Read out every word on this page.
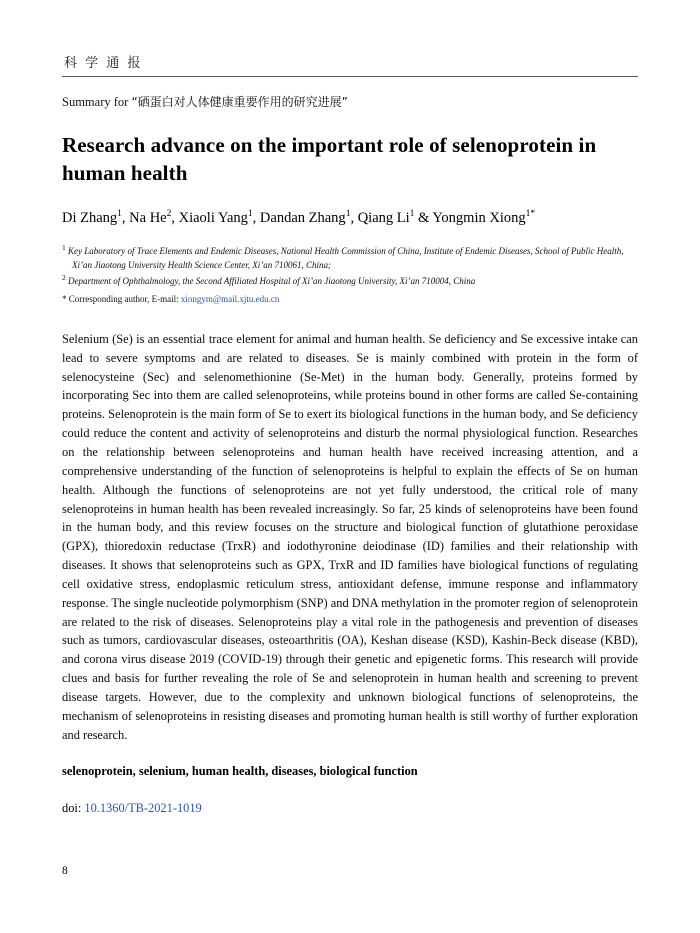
科 学 通 报
Summary for “硒蛋白对人体健康重要作用的研究进展”
Research advance on the important role of selenoprotein in human health
Di Zhang$^1$, Na He$^2$, Xiaoli Yang$^1$, Dandan Zhang$^1$, Qiang Li$^1$ & Yongmin Xiong$^{1*}$
$^1$ Key Laboratory of Trace Elements and Endemic Diseases, National Health Commission of China, Institute of Endemic Diseases, School of Public Health, Xi’an Jiaotong University Health Science Center, Xi’an 710061, China;
$^2$ Department of Ophthalmology, the Second Affiliated Hospital of Xi’an Jiaotong University, Xi’an 710004, China
* Corresponding author, E-mail: xiongym@mail.xjtu.edu.cn
Selenium (Se) is an essential trace element for animal and human health. Se deficiency and Se excessive intake can lead to severe symptoms and are related to diseases. Se is mainly combined with protein in the form of selenocysteine (Sec) and selenomethionine (Se-Met) in the human body. Generally, proteins formed by incorporating Sec into them are called selenoproteins, while proteins bound in other forms are called Se-containing proteins. Selenoprotein is the main form of Se to exert its biological functions in the human body, and Se deficiency could reduce the content and activity of selenoproteins and disturb the normal physiological function. Researches on the relationship between selenoproteins and human health have received increasing attention, and a comprehensive understanding of the function of selenoproteins is helpful to explain the effects of Se on human health. Although the functions of selenoproteins are not yet fully understood, the critical role of many selenoproteins in human health has been revealed increasingly. So far, 25 kinds of selenoproteins have been found in the human body, and this review focuses on the structure and biological function of glutathione peroxidase (GPX), thioredoxin reductase (TrxR) and iodothyronine deiodinase (ID) families and their relationship with diseases. It shows that selenoproteins such as GPX, TrxR and ID families have biological functions of regulating cell oxidative stress, endoplasmic reticulum stress, antioxidant defense, immune response and inflammatory response. The single nucleotide polymorphism (SNP) and DNA methylation in the promoter region of selenoprotein are related to the risk of diseases. Selenoproteins play a vital role in the pathogenesis and prevention of diseases such as tumors, cardiovascular diseases, osteoarthritis (OA), Keshan disease (KSD), Kashin-Beck disease (KBD), and corona virus disease 2019 (COVID-19) through their genetic and epigenetic forms. This research will provide clues and basis for further revealing the role of Se and selenoprotein in human health and screening to prevent disease targets. However, due to the complexity and unknown biological functions of selenoproteins, the mechanism of selenoproteins in resisting diseases and promoting human health is still worthy of further exploration and research.
selenoprotein, selenium, human health, diseases, biological function
doi: 10.1360/TB-2021-1019
8
